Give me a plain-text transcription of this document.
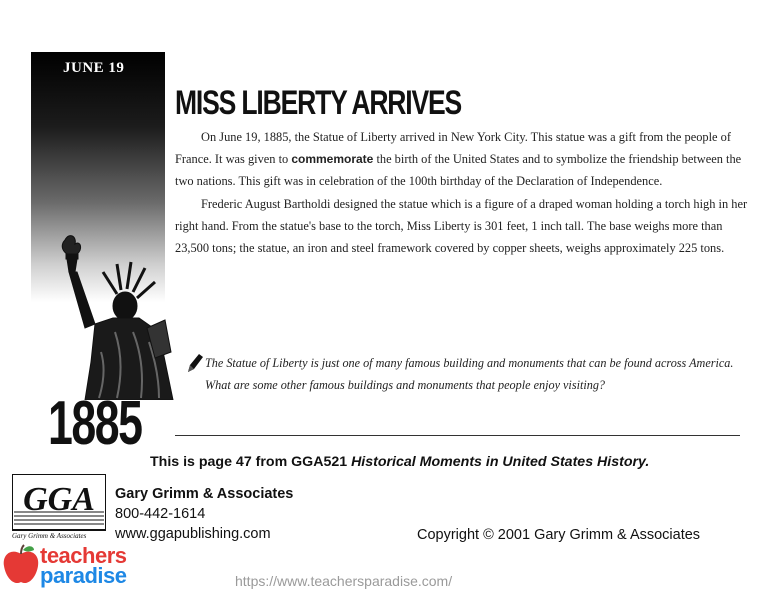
JUNE 19
MISS LIBERTY ARRIVES

On June 19, 1885, the Statue of Liberty arrived in New York City. This statue was a gift from the people of France. It was given to commemorate the birth of the United States and to symbolize the friendship between the two nations. This gift was in celebration of the 100th birthday of the Declaration of Independence.

Frederic August Bartholdi designed the statue which is a figure of a draped woman holding a torch high in her right hand. From the statue's base to the torch, Miss Liberty is 301 feet, 1 inch tall. The base weighs more than 23,500 tons; the statue, an iron and steel framework covered by copper sheets, weighs approximately 225 tons.

The Statue of Liberty is just one of many famous building and monuments that can be found across America. What are some other famous buildings and monuments that people enjoy visiting?
1885
This is page 47 from GGA521 Historical Moments in United States History.
GGA
Gary Grimm & Associates
Gary Grimm & Associates
800-442-1614
www.ggapublishing.com	Copyright © 2001 Gary Grimm & Associates
teachers
paradise	https://www.teachersparadise.com/
